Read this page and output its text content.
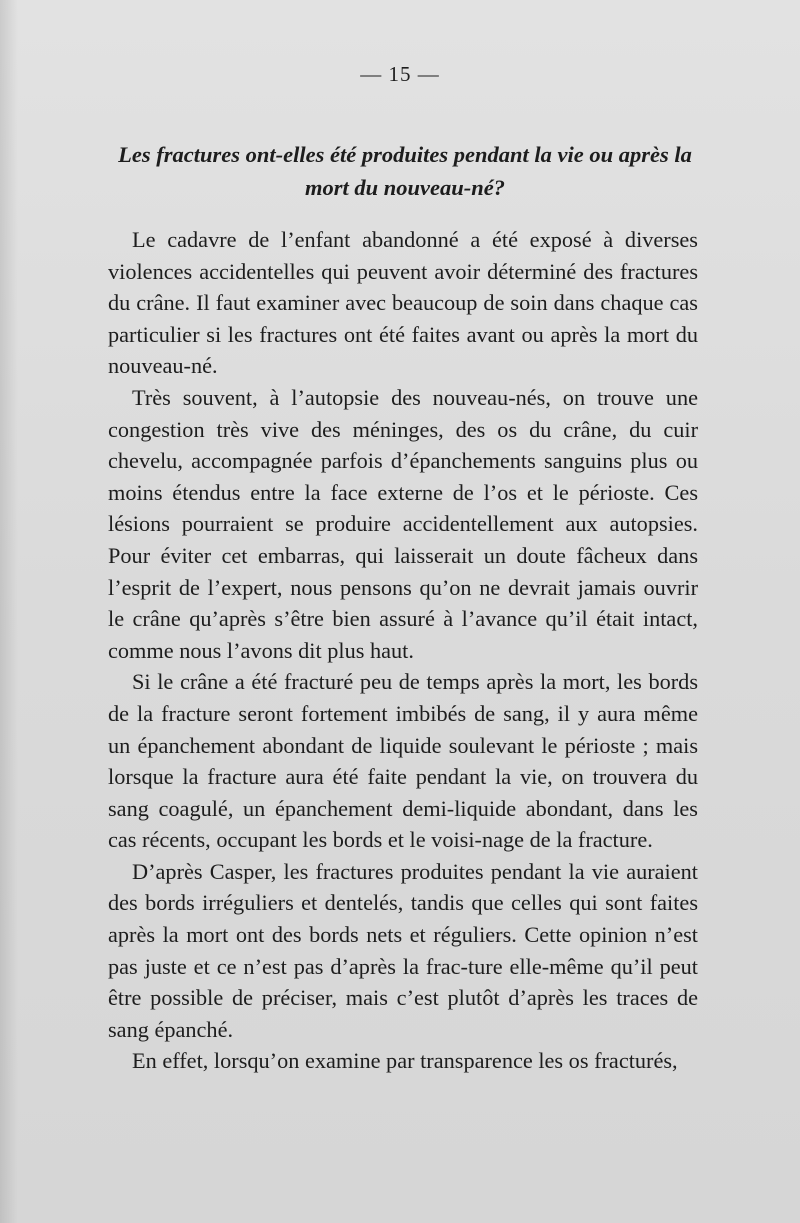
— 15 —
Les fractures ont-elles été produites pendant la vie ou après la mort du nouveau-né?

Le cadavre de l’enfant abandonné a été exposé à diverses violences accidentelles qui peuvent avoir déterminé des fractures du crâne. Il faut examiner avec beaucoup de soin dans chaque cas particulier si les fractures ont été faites avant ou après la mort du nouveau-né.

Très souvent, à l’autopsie des nouveau-nés, on trouve une congestion très vive des méninges, des os du crâne, du cuir chevelu, accompagnée parfois d’épanchements sanguins plus ou moins étendus entre la face externe de l’os et le périoste. Ces lésions pourraient se produire accidentellement aux autopsies. Pour éviter cet embarras, qui laisserait un doute fâcheux dans l’esprit de l’expert, nous pensons qu’on ne devrait jamais ouvrir le crâne qu’après s’être bien assuré à l’avance qu’il était intact, comme nous l’avons dit plus haut.

Si le crâne a été fracturé peu de temps après la mort, les bords de la fracture seront fortement imbibés de sang, il y aura même un épanchement abondant de liquide soulevant le périoste ; mais lorsque la fracture aura été faite pendant la vie, on trouvera du sang coagulé, un épanchement demi-liquide abondant, dans les cas récents, occupant les bords et le voisi-nage de la fracture.

D’après Casper, les fractures produites pendant la vie auraient des bords irréguliers et dentelés, tandis que celles qui sont faites après la mort ont des bords nets et réguliers. Cette opinion n’est pas juste et ce n’est pas d’après la frac-ture elle-même qu’il peut être possible de préciser, mais c’est plutôt d’après les traces de sang épanché.

En effet, lorsqu’on examine par transparence les os fracturés,
